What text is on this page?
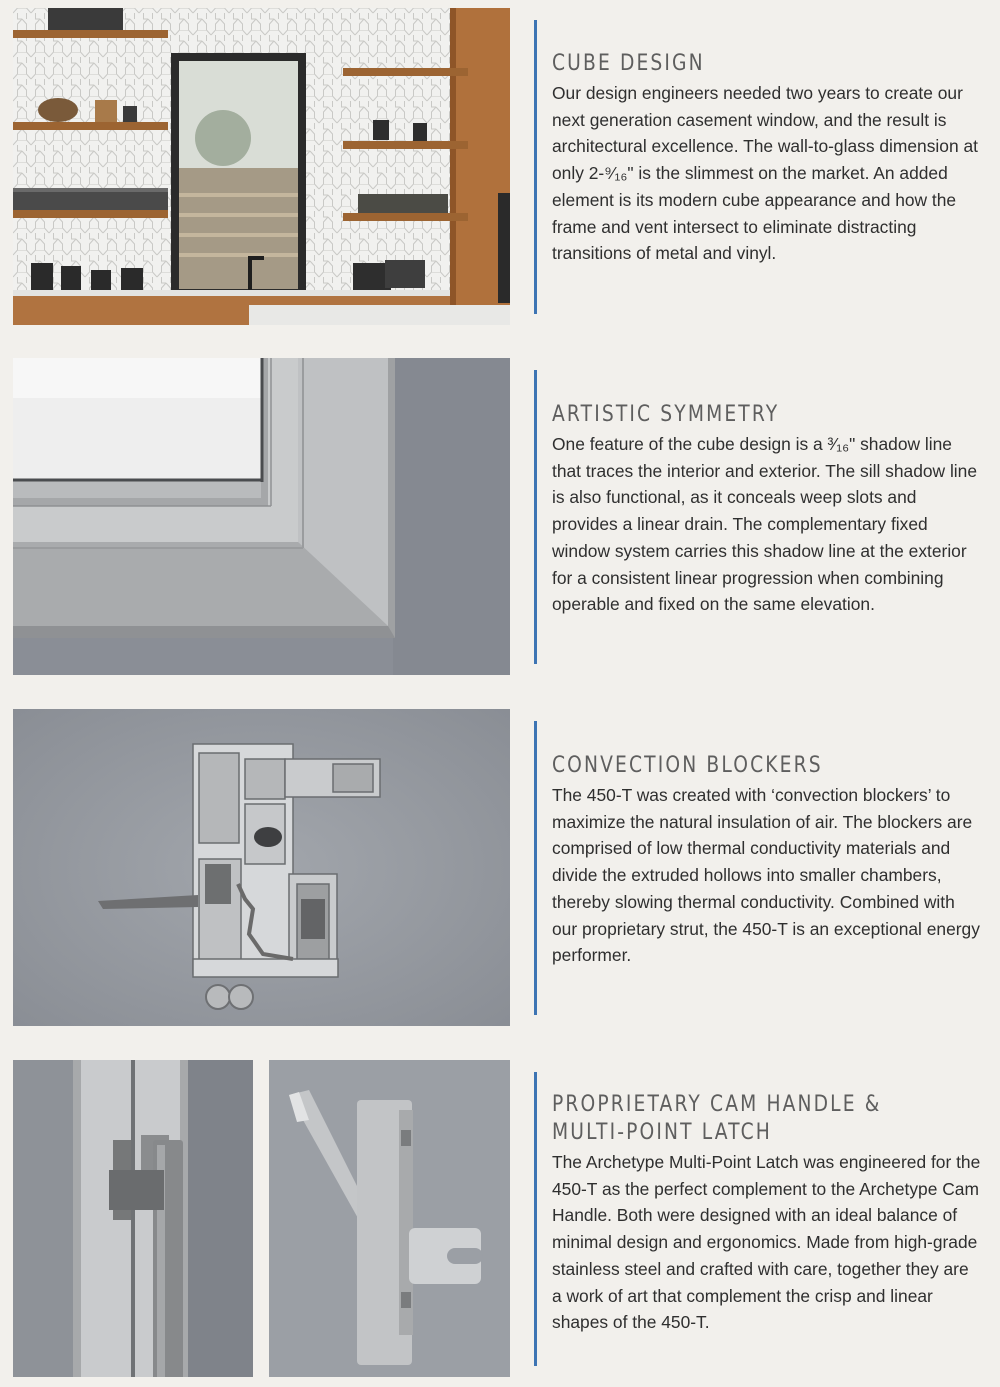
CUBE DESIGN

Our design engineers needed two years to create our next generation casement window, and the result is architectural excellence. The wall-to-glass dimension at only 2-⁹⁄₁₆" is the slimmest on the market. An added element is its modern cube appearance and how the frame and vent intersect to eliminate distracting transitions of metal and vinyl.

ARTISTIC SYMMETRY

One feature of the cube design is a ³⁄₁₆" shadow line that traces the interior and exterior. The sill shadow line is also functional, as it conceals weep slots and provides a linear drain. The complementary fixed window system carries this shadow line at the exterior for a consistent linear progression when combining operable and fixed on the same elevation.

CONVECTION BLOCKERS

The 450-T was created with ‘convection blockers’ to maximize the natural insulation of air. The blockers are comprised of low thermal conductivity materials and divide the extruded hollows into smaller chambers, thereby slowing thermal conductivity. Combined with our proprietary strut, the 450-T is an exceptional energy performer.

PROPRIETARY CAM HANDLE &
MULTI-POINT LATCH

The Archetype Multi-Point Latch was engineered for the 450-T as the perfect complement to the Archetype Cam Handle. Both were designed with an ideal balance of minimal design and ergonomics. Made from high-grade stainless steel and crafted with care, together they are a work of art that complement the crisp and linear shapes of the 450-T.
